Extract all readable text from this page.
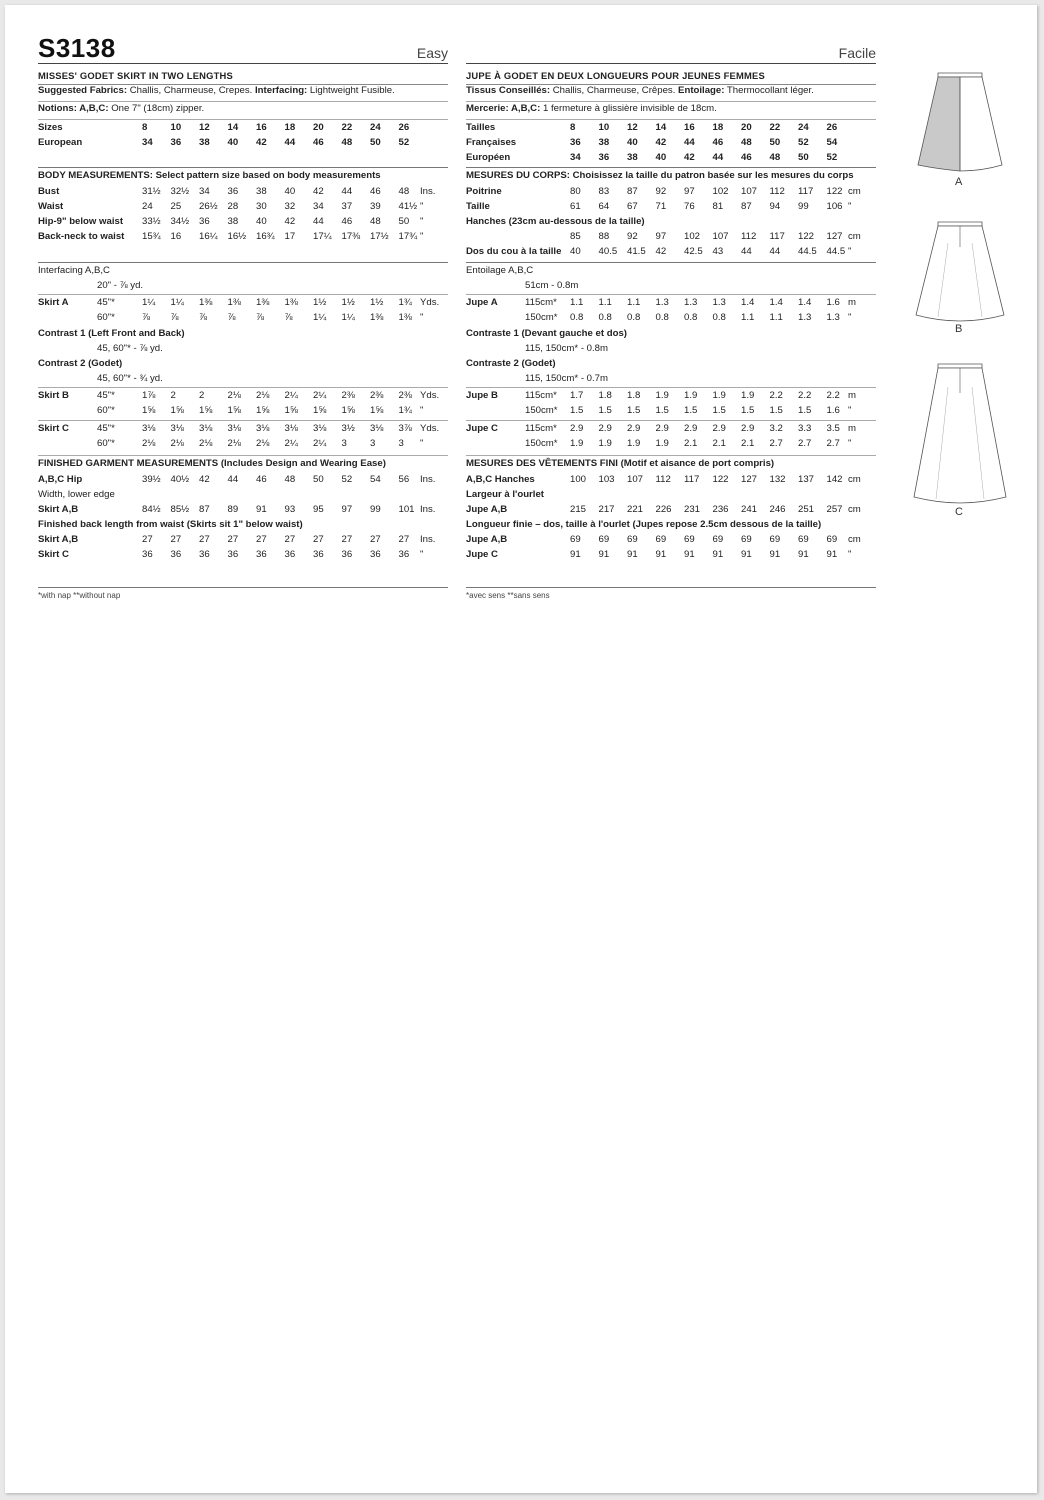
S3138	Easy
MISSES' GODET SKIRT IN TWO LENGTHS
Suggested Fabrics: Challis, Charmeuse, Crepes. Interfacing: Lightweight Fusible.
Notions: A,B,C: One 7" (18cm) zipper.
Sizes	8	10	12	14	16	18	20	22	24	26
European	34	36	38	40	42	44	46	48	50	52
BODY MEASUREMENTS: Select pattern size based on body measurements
Bust	31½	32½	34	36	38	40	42	44	46	48	Ins.
Waist	24	25	26½	28	30	32	34	37	39	41½ "
Hip-9" below waist 33½	34½	36	38	40	42	44	46	48	50	"
Back-neck to waist 15¾	16	16¼	16½	16¾	17	17¼	17⅜	17½	17¾ "
Interfacing A,B,C
20" - ⅞ yd.
Skirt A	45"*	1¼	1¼	1⅜	1⅜	1⅜	1⅜	1½	1½	1½	1¾ Yds.
60"*	⅞	⅞	⅞	⅞	⅞	⅞	1¼	1¼	1⅜	1⅜ "
Contrast 1 (Left Front and Back)
45, 60"* - ⅞ yd.
Contrast 2 (Godet)
45, 60"* - ¾ yd.
Skirt B	45"*	1⅞	2	2	2⅛	2⅛	2¼	2¼	2⅜	2⅜	2⅜ Yds.
60"*	1⅝	1⅝	1⅝	1⅝	1⅝	1⅝	1⅝	1⅝	1⅝	1¾ "
Skirt C	45"*	3⅛	3⅛	3⅛	3⅛	3⅛	3⅛	3⅛	3½	3⅛	3⅞ Yds.
60"*	2⅛	2⅛	2⅛	2⅛	2⅛	2¼	2¼	3	3	3	"
FINISHED GARMENT MEASUREMENTS (Includes Design and Wearing Ease)
A,B,C Hip	39½	40½	42	44	46	48	50	52	54	56	Ins.
Width, lower edge
Skirt A,B	84½	85½	87	89	91	93	95	97	99	101 Ins.
Finished back length from waist (Skirts sit 1" below waist)
Skirt A,B	27	27	27	27	27	27	27	27	27	27	Ins.
Skirt C	36	36	36	36	36	36	36	36	36	36	"
*with nap **without nap
Facile
JUPE À GODET EN DEUX LONGUEURS POUR JEUNES FEMMES
Tissus Conseillés: Challis, Charmeuse, Crêpes. Entoilage: Thermocollant léger.
Mercerie: A,B,C: 1 fermeture à glissière invisible de 18cm.
Tailles	8	10	12	14	16	18	20	22	24	26
Françaises	36	38	40	42	44	46	48	50	52	54
Européen	34	36	38	40	42	44	46	48	50	52
MESURES DU CORPS: Choisissez la taille du patron basée sur les mesures du corps
Poitrine	80	83	87	92	97	102	107	112	117	122 cm
Taille	61	64	67	71	76	81	87	94	99	106 "
Hanches (23cm au-dessous de la taille)
85	88	92	97	102	107	112	117	122	127 cm
Dos du cou à la taille 40	40.5	41.5	42	42.5	43	44	44	44.5	44.5 "
Entoilage A,B,C
51cm - 0.8m
Jupe A	115cm* 1.1	1.1	1.1	1.3	1.3	1.3	1.4	1.4	1.4	1.6 m
150cm* 0.8	0.8	0.8	0.8	0.8	0.8	1.1	1.1	1.3	1.3 "
Contraste 1 (Devant gauche et dos)
115, 150cm* - 0.8m
Contraste 2 (Godet)
115, 150cm* - 0.7m
Jupe B	115cm* 1.7	1.8	1.8	1.9	1.9	1.9	1.9	2.2	2.2	2.2 m
150cm* 1.5	1.5	1.5	1.5	1.5	1.5	1.5	1.5	1.5	1.6 "
Jupe C	115cm* 2.9	2.9	2.9	2.9	2.9	2.9	2.9	3.2	3.3	3.5 m
150cm* 1.9	1.9	1.9	1.9	2.1	2.1	2.1	2.7	2.7	2.7 "
MESURES DES VÊTEMENTS FINI (Motif et aisance de port compris)
A,B,C Hanches	100	103	107	112	117	122	127	132	137	142 cm
Largeur à l'ourlet
Jupe A,B	215	217	221	226	231	236	241	246	251	257 cm
Longueur finie – dos, taille à l'ourlet (Jupes repose 2.5cm dessous de la taille)
Jupe A,B	69	69	69	69	69	69	69	69	69	69	cm
Jupe C	91	91	91	91	91	91	91	91	91	91	"
*avec sens **sans sens
A
B
C
